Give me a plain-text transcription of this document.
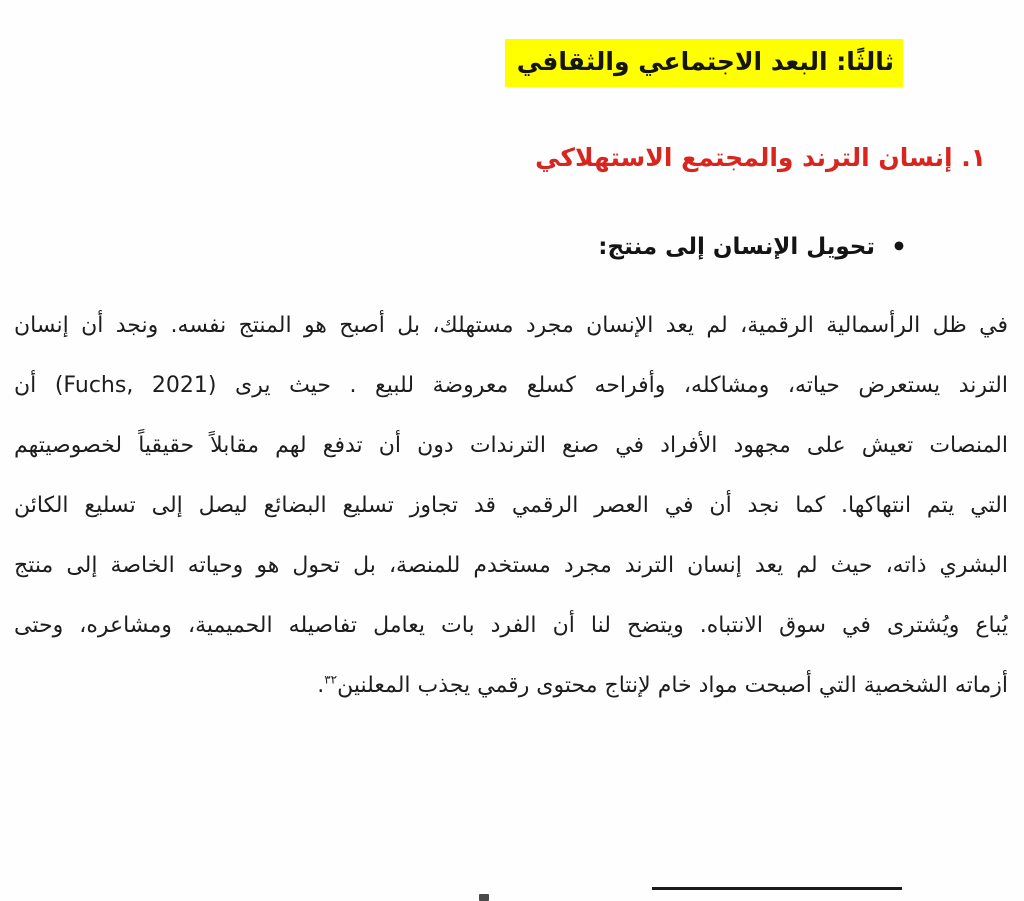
ثالثًا: البعد الاجتماعي والثقافي
١. إنسان الترند والمجتمع الاستهلاكي
•تحويل الإنسان إلى منتج:
في ظل الرأسمالية الرقمية، لم يعد الإنسان مجرد مستهلك، بل أصبح هو المنتج نفسه. ونجد أن إنسان
الترند يستعرض حياته، ومشاكله، وأفراحه كسلع معروضة للبيع . حيث يرى (Fuchs, 2021) أن
المنصات تعيش على مجهود الأفراد في صنع الترندات دون أن تدفع لهم مقابلاً حقيقياً لخصوصيتهم
التي يتم انتهاكها. كما نجد أن في العصر الرقمي قد تجاوز تسليع البضائع ليصل إلى تسليع الكائن
البشري ذاته، حيث لم يعد إنسان الترند مجرد مستخدم للمنصة، بل تحول هو وحياته الخاصة إلى منتج
يُباع ويُشترى في سوق الانتباه. ويتضح لنا أن الفرد بات يعامل تفاصيله الحميمية، ومشاعره، وحتى
أزماته الشخصية التي أصبحت مواد خام لإنتاج محتوى رقمي يجذب المعلنين$^{٣٢}$.
